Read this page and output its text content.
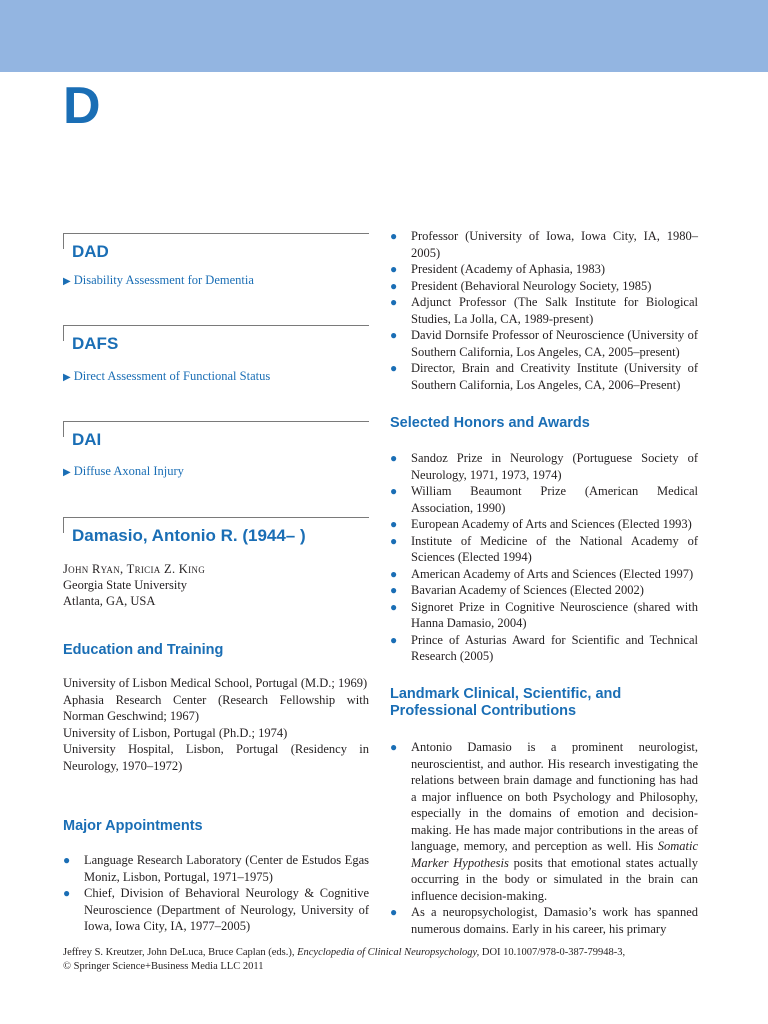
D
DAD
▶ Disability Assessment for Dementia
DAFS
▶ Direct Assessment of Functional Status
DAI
▶ Diffuse Axonal Injury
Damasio, Antonio R. (1944– )
John Ryan, Tricia Z. King
Georgia State University
Atlanta, GA, USA
Education and Training
University of Lisbon Medical School, Portugal (M.D.; 1969)
Aphasia Research Center (Research Fellowship with Norman Geschwind; 1967)
University of Lisbon, Portugal (Ph.D.; 1974)
University Hospital, Lisbon, Portugal (Residency in Neurology, 1970–1972)
Major Appointments
● Language Research Laboratory (Center de Estudos Egas Moniz, Lisbon, Portugal, 1971–1975)
● Chief, Division of Behavioral Neurology & Cognitive Neuroscience (Department of Neurology, University of Iowa, Iowa City, IA, 1977–2005)
● Professor (University of Iowa, Iowa City, IA, 1980–2005)
● President (Academy of Aphasia, 1983)
● President (Behavioral Neurology Society, 1985)
● Adjunct Professor (The Salk Institute for Biological Studies, La Jolla, CA, 1989-present)
● David Dornsife Professor of Neuroscience (University of Southern California, Los Angeles, CA, 2005–present)
● Director, Brain and Creativity Institute (University of Southern California, Los Angeles, CA, 2006–Present)
Selected Honors and Awards
● Sandoz Prize in Neurology (Portuguese Society of Neurology, 1971, 1973, 1974)
● William Beaumont Prize (American Medical Association, 1990)
● European Academy of Arts and Sciences (Elected 1993)
● Institute of Medicine of the National Academy of Sciences (Elected 1994)
● American Academy of Arts and Sciences (Elected 1997)
● Bavarian Academy of Sciences (Elected 2002)
● Signoret Prize in Cognitive Neuroscience (shared with Hanna Damasio, 2004)
● Prince of Asturias Award for Scientific and Technical Research (2005)
Landmark Clinical, Scientific, and Professional Contributions
● Antonio Damasio is a prominent neurologist, neuroscientist, and author. His research investigating the relations between brain damage and functioning has had a major influence on both Psychology and Philosophy, especially in the domains of emotion and decision-making. He has made major contributions in the areas of language, memory, and perception as well. His Somatic Marker Hypothesis posits that emotional states actually occurring in the body or simulated in the brain can influence decision-making.
● As a neuropsychologist, Damasio’s work has spanned numerous domains. Early in his career, his primary
Jeffrey S. Kreutzer, John DeLuca, Bruce Caplan (eds.), Encyclopedia of Clinical Neuropsychology, DOI 10.1007/978-0-387-79948-3,
© Springer Science+Business Media LLC 2011
